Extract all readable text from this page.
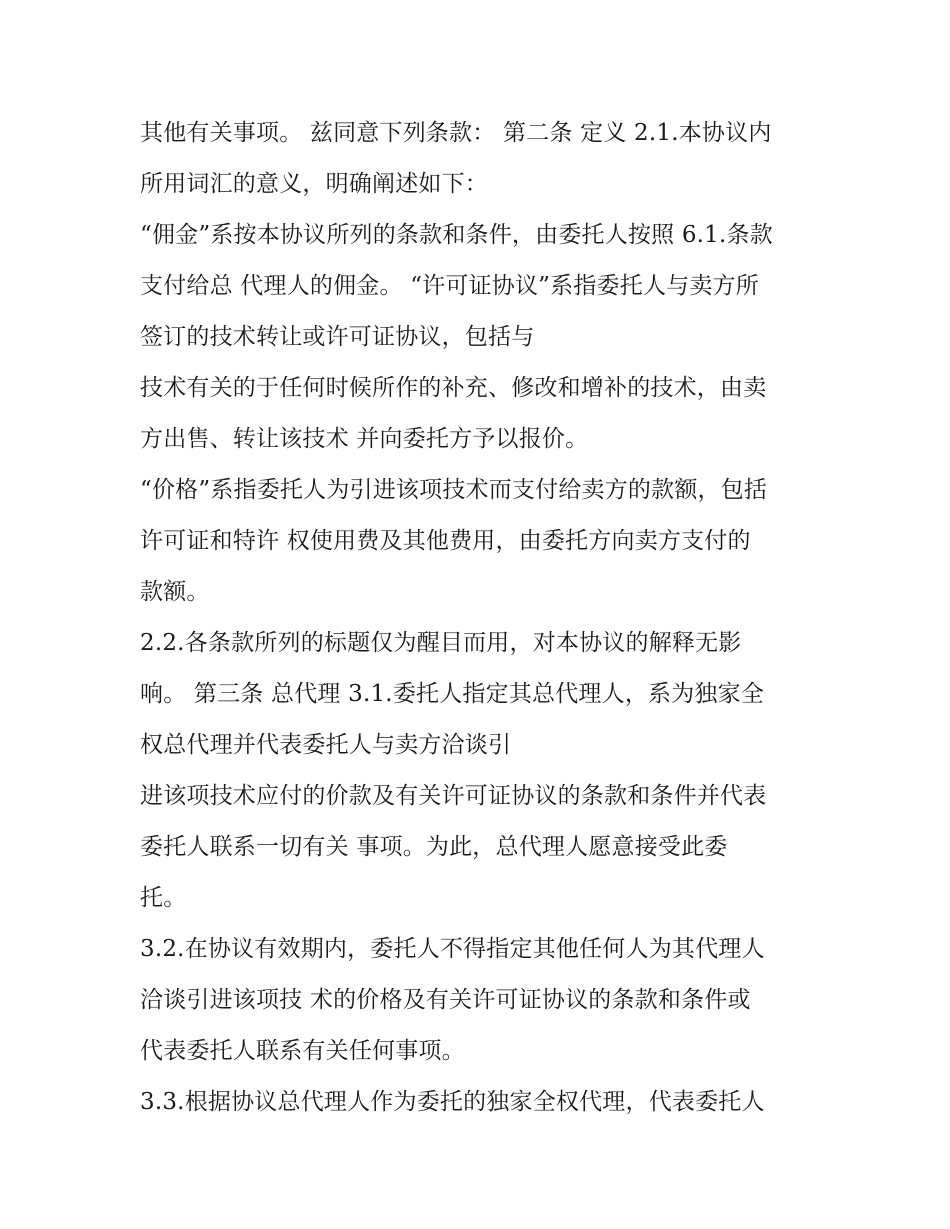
其他有关事项。 兹同意下列条款： 第二条 定义 2.1.本协议内
所用词汇的意义，明确阐述如下：
“佣金”系按本协议所列的条款和条件，由委托人按照 6.1.条款
支付给总 代理人的佣金。 “许可证协议”系指委托人与卖方所
签订的技术转让或许可证协议，包括与
技术有关的于任何时候所作的补充、修改和增补的技术，由卖
方出售、转让该技术 并向委托方予以报价。
“价格”系指委托人为引进该项技术而支付给卖方的款额，包括
许可证和特许 权使用费及其他费用，由委托方向卖方支付的
款额。
2.2.各条款所列的标题仅为醒目而用，对本协议的解释无影
响。 第三条 总代理 3.1.委托人指定其总代理人，系为独家全
权总代理并代表委托人与卖方洽谈引
进该项技术应付的价款及有关许可证协议的条款和条件并代表
委托人联系一切有关 事项。为此，总代理人愿意接受此委
托。
3.2.在协议有效期内，委托人不得指定其他任何人为其代理人
洽谈引进该项技 术的价格及有关许可证协议的条款和条件或
代表委托人联系有关任何事项。
3.3.根据协议总代理人作为委托的独家全权代理，代表委托人
